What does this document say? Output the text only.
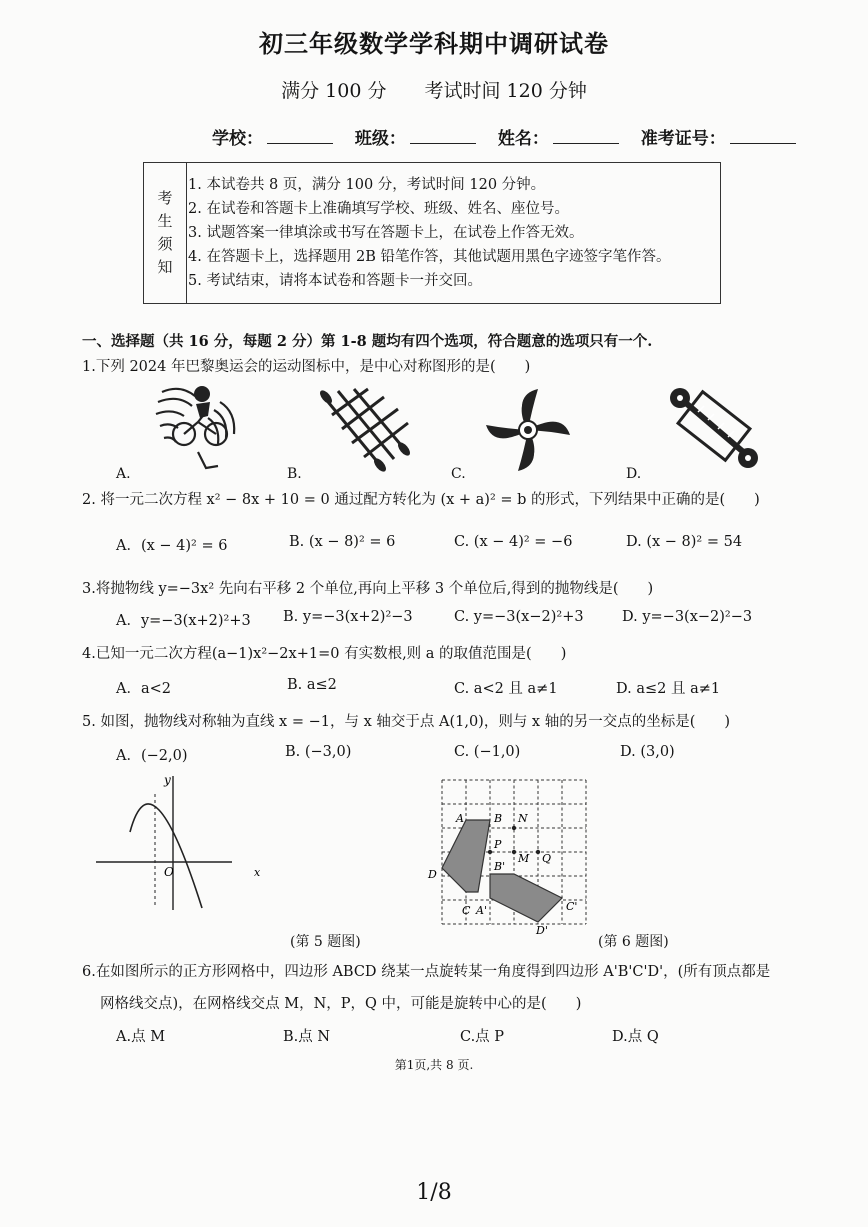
初三年级数学学科期中调研试卷
满分 100 分 考试时间 120 分钟
学校：	班级：	姓名：	准考证号：
考
生
须
知
1. 本试卷共 8 页，满分 100 分，考试时间 120 分钟。
2. 在试卷和答题卡上准确填写学校、班级、姓名、座位号。
3. 试题答案一律填涂或书写在答题卡上，在试卷上作答无效。
4. 在答题卡上，选择题用 2B 铅笔作答，其他试题用黑色字迹签字笔作答。
5. 考试结束，请将本试卷和答题卡一并交回。
一、选择题（共 16 分，每题 2 分）第 1-8 题均有四个选项，符合题意的选项只有一个.
1.下列 2024 年巴黎奥运会的运动图标中，是中心对称图形的是(　　)
A.	B.	C.	D.
2. 将一元二次方程 x² − 8x + 10 = 0 通过配方转化为 (x + a)² = b 的形式，下列结果中正确的是(　　)
A．(x − 4)² = 6	B. (x − 8)² = 6	C. (x − 4)² = −6	D. (x − 8)² = 54
3.将抛物线 y=−3x² 先向右平移 2 个单位,再向上平移 3 个单位后,得到的抛物线是(　　)
A．y=−3(x+2)²+3 B. y=−3(x+2)²−3	C. y=−3(x−2)²+3	D. y=−3(x−2)²−3
4.已知一元二次方程(a−1)x²−2x+1=0 有实数根,则 a 的取值范围是(　　)
A．a<2	B. a≤2	C. a<2 且 a≠1	D. a≤2 且 a≠1
5. 如图，抛物线对称轴为直线 x = −1，与 x 轴交于点 A(1,0)，则与 x 轴的另一交点的坐标是(　　)
A．(−2,0)	B. (−3,0)	C. (−1,0)	D. (3,0)
y
O	x
(第 5 题图)
A	B N
P
M Q
B'
D
C A'	C'
D'
(第 6 题图)
6.在如图所示的正方形网格中，四边形 ABCD 绕某一点旋转某一角度得到四边形 A'B'C'D'，(所有顶点都是
网格线交点)，在网格线交点 M，N，P，Q 中，可能是旋转中心的是(　　)
A.点 M	B.点 N	C.点 P	D.点 Q
第1页,共 8 页.
1/8
